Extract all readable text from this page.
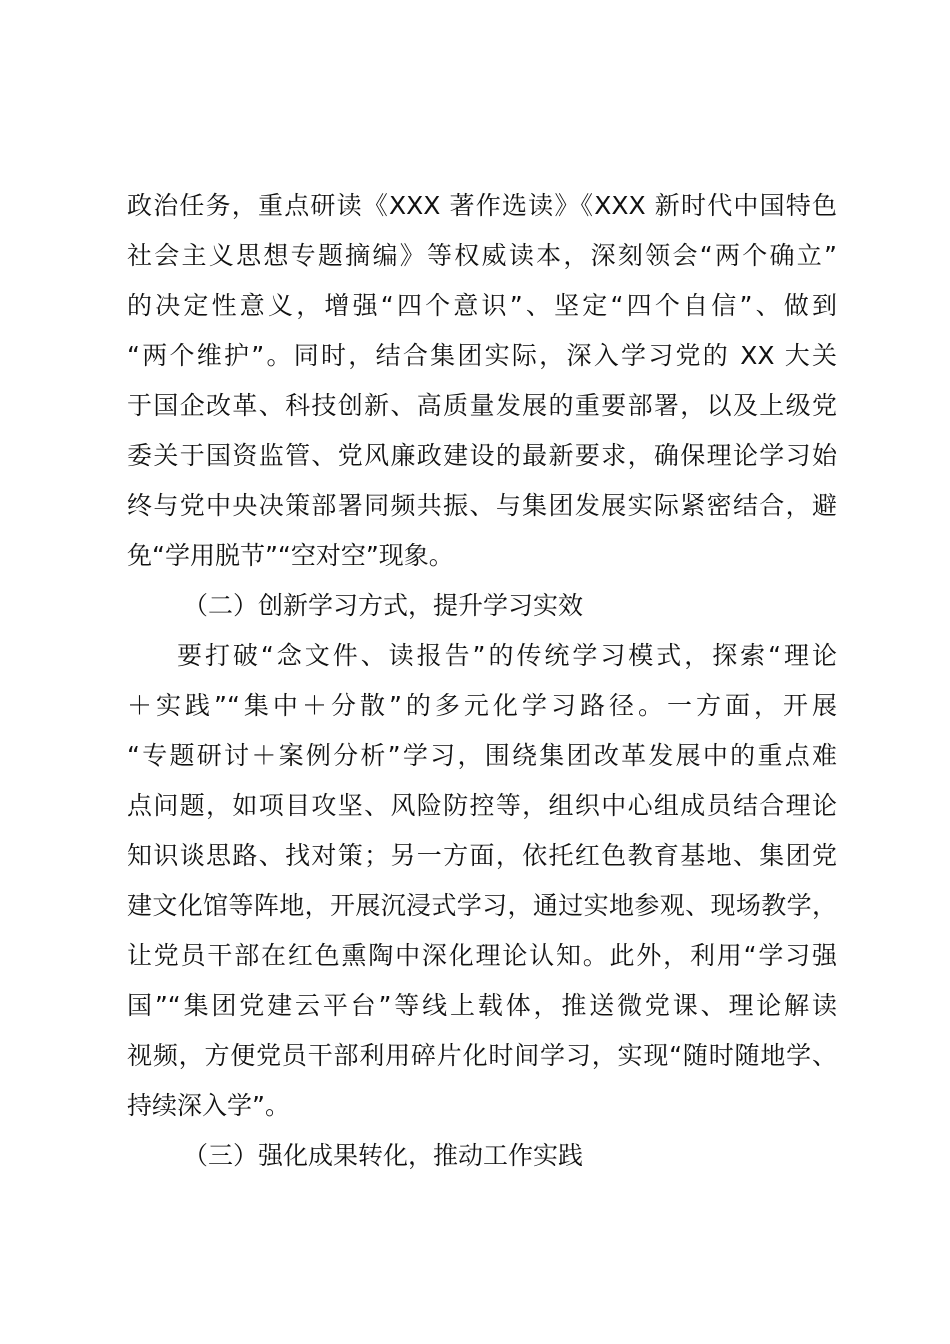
政治任务，重点研读《XXX 著作选读》《XXX 新时代中国特色
社会主义思想专题摘编》等权威读本，深刻领会“两个确立”
的决定性意义，增强“四个意识”、坚定“四个自信”、做到
“两个维护”。同时，结合集团实际，深入学习党的 XX 大关
于国企改革、科技创新、高质量发展的重要部署，以及上级党
委关于国资监管、党风廉政建设的最新要求，确保理论学习始
终与党中央决策部署同频共振、与集团发展实际紧密结合，避
免“学用脱节”“空对空”现象。
（二）创新学习方式，提升学习实效
要打破“念文件、读报告”的传统学习模式，探索“理论
＋实践”“集中＋分散”的多元化学习路径。一方面，开展
“专题研讨＋案例分析”学习，围绕集团改革发展中的重点难
点问题，如项目攻坚、风险防控等，组织中心组成员结合理论
知识谈思路、找对策；另一方面，依托红色教育基地、集团党
建文化馆等阵地，开展沉浸式学习，通过实地参观、现场教学，
让党员干部在红色熏陶中深化理论认知。此外，利用“学习强
国”“集团党建云平台”等线上载体，推送微党课、理论解读
视频，方便党员干部利用碎片化时间学习，实现“随时随地学、
持续深入学”。
（三）强化成果转化，推动工作实践
